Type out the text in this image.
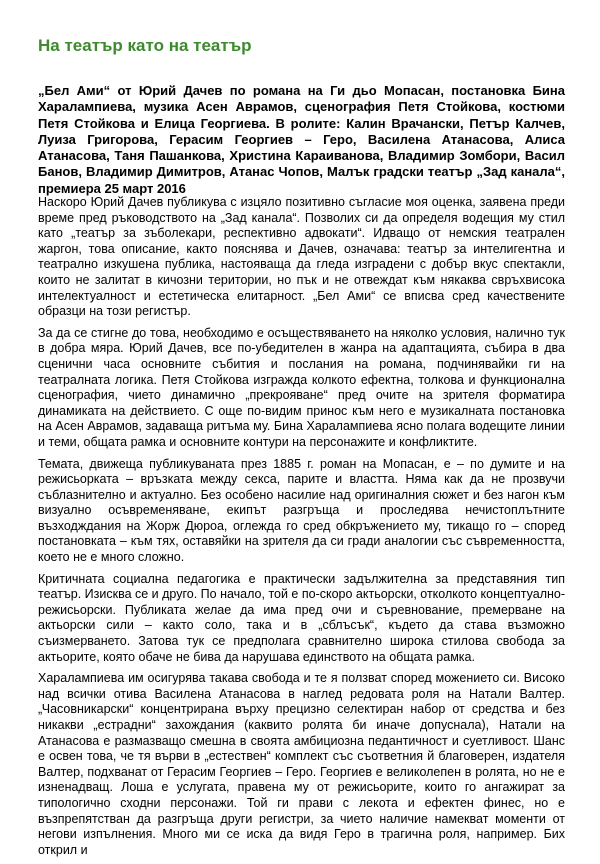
На театър като на театър

„Бел Ами“ от Юрий Дачев по романа на Ги дьо Мопасан, постановка Бина Харалампиева, музика Асен Аврамов, сценография Петя Стойкова, костюми Петя Стойкова и Елица Георгиева. В ролите: Калин Врачански, Петър Калчев, Луиза Григорова, Герасим Георгиев – Геро, Василена Атанасова, Алиса Атанасова, Таня Пашанкова, Христина Караиванова, Владимир Зомбори, Васил Банов, Владимир Димитров, Атанас Чопов, Малък градски театър „Зад канала“, премиера 25 март 2016

Наскоро Юрий Дачев публикува с изцяло позитивно съгласие моя оценка, заявена преди време пред ръководството на „Зад канала“. Позволих си да определя водещия му стил като „театър за зъболекари, респективно адвокати“. Идващо от немския театрален жаргон, това описание, както пояснява и Дачев, означава: театър за интелигентна и театрално изкушена публика, настояваща да гледа изградени с добър вкус спектакли, които не залитат в кичозни територии, но пък и не отвеждат към някаква свръхвисока интелектуалност и естетическа елитарност. „Бел Ами“ се вписва сред качествените образци на този регистър.

За да се стигне до това, необходимо е осъществяването на няколко условия, налично тук в добра мяра. Юрий Дачев, все по-убедителен в жанра на адаптацията, събира в два сценични часа основните събития и послания на романа, подчинявайки ги на театралната логика. Петя Стойкова изгражда колкото ефектна, толкова и функционална сценография, чието динамично „прекрояване“ пред очите на зрителя форматира динамиката на действието. С още по-видим принос към него е музикалната постановка на Асен Аврамов, задаваща ритъма му. Бина Харалампиева ясно полага водещите линии и теми, общата рамка и основните контури на персонажите и конфликтите.

Темата, движеща публикуваната през 1885 г. роман на Мопасан, е – по думите и на режисьорката – връзката между секса, парите и властта. Няма как да не прозвучи съблазнително и актуално. Без особено насилие над оригиналния сюжет и без нагон към визуално осъвременяване, екипът разгръща и проследява нечистоплътните възходждания на Жорж Дюроа, оглежда го сред обкръжението му, тикащо го – според постановката – към тях, оставяйки на зрителя да си гради аналогии със съвременността, което не е много сложно.

Критичната социална педагогика е практически задължителна за представяния тип театър. Изисква се и друго. По начало, той е по-скоро актьорски, отколкото концептуално-режисьорски. Публиката желае да има пред очи и съревнование, премерване на актьорски сили – както соло, така и в „сблъсък“, където да става възможно съизмерването. Затова тук се предполага сравнително широка стилова свобода за актьорите, която обаче не бива да нарушава единството на общата рамка.

Харалампиева им осигурява такава свобода и те я ползват според можението си. Високо над всички отива Василена Атанасова в наглед редовата роля на Натали Валтер. „Часовникарски“ концентрирана върху прецизно селектиран набор от средства и без никакви „естрадни“ захождания (каквито ролята би иначе допуснала), Натали на Атанасова е размазващо смешна в своята амбициозна педантичност и суетливост. Шанс е освен това, че тя върви в „естествен“ комплект със съответния й благоверен, издателя Валтер, подхванат от Герасим Георгиев – Геро. Георгиев е великолепен в ролята, но не е изненадващ. Лоша е услугата, правена му от режисьорите, които го ангажират за типологично сходни персонажи. Той ги прави с лекота и ефектен финес, но е възпрепятстван да разгръща други регистри, за чието наличие намекват моменти от негови изпълнения. Много ми се иска да видя Геро в трагична роля, например. Бих открил и
